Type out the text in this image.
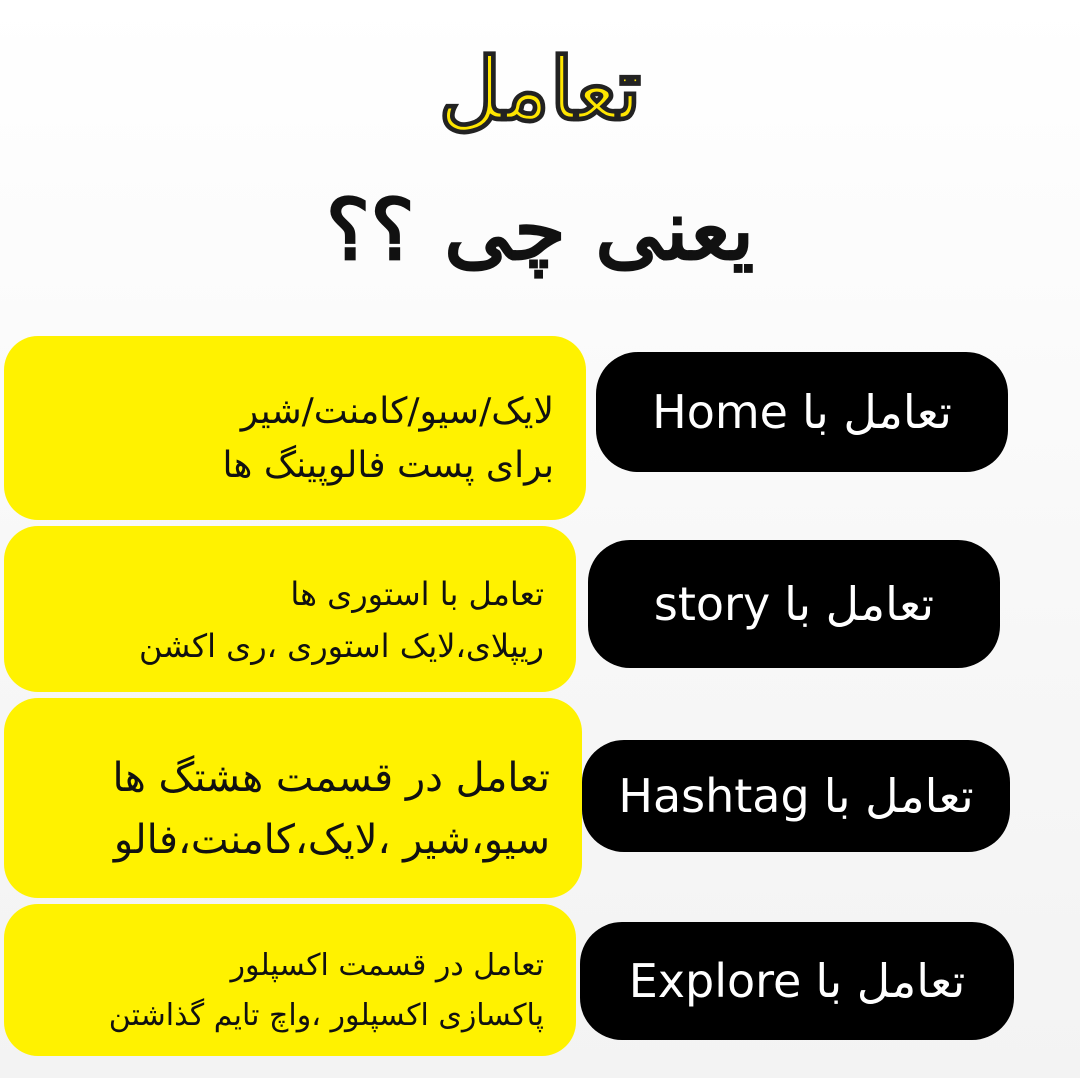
تعامل
یعنی چی ؟؟
لایک/سیو/کامنت/شیر
برای پست فالوپینگ ها
تعامل با
Home
تعامل با استوری ها
ریپلای،لایک استوری ،ری اکشن
تعامل با
story
تعامل در قسمت هشتگ ها
سیو،شیر ،لایک،کامنت،فالو
تعامل با
Hashtag
تعامل در قسمت اکسپلور
پاکسازی اکسپلور ،واچ تایم گذاشتن
تعامل با
Explore
